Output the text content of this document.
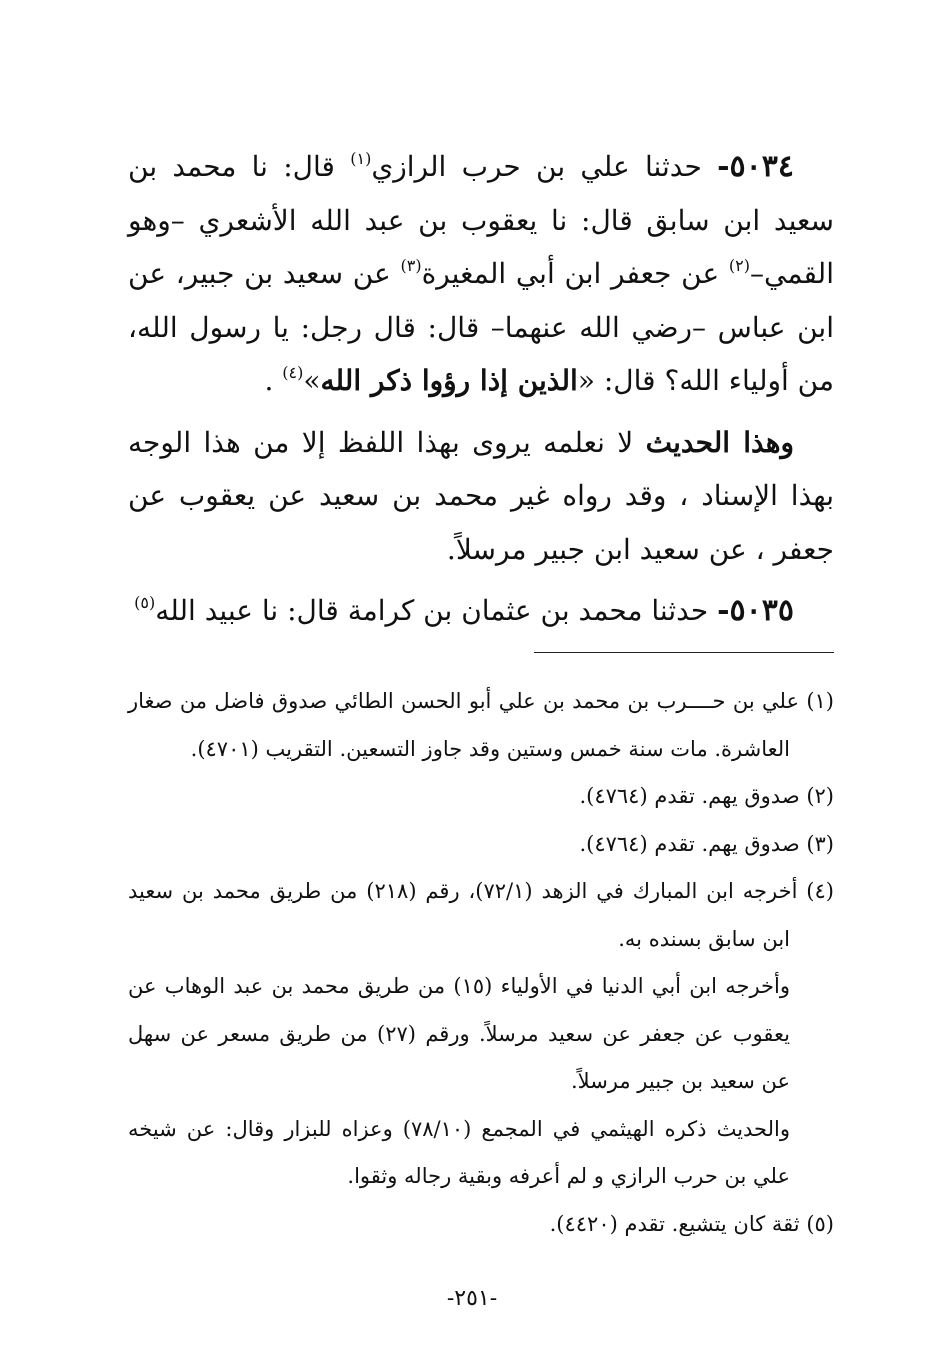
٥٠٣٤- حدثنا علي بن حرب الرازي$^{(١)}$ قال: نا محمد بن سعيد ابن سابق قال: نا يعقوب بن عبد الله الأشعري –وهو القمي–$^{(٢)}$ عن جعفر ابن أبي المغيرة$^{(٣)}$ عن سعيد بن جبير، عن ابن عباس –رضي الله عنهما– قال: قال رجل: يا رسول الله، من أولياء الله؟ قال: «الذين إذا رؤوا ذكر الله»$^{(٤)}$ .

وهذا الحديث لا نعلمه يروى بهذا اللفظ إلا من هذا الوجه بهذا الإسناد ، وقد رواه غير محمد بن سعيد عن يعقوب عن جعفر ، عن سعيد ابن جبير مرسلاً.

٥٠٣٥- حدثنا محمد بن عثمان بن كرامة قال: نا عبيد الله$^{(٥)}$

(١) علي بن حــــرب بن محمد بن علي أبو الحسن الطائي صدوق فاضل من صغار العاشرة. مات سنة خمس وستين وقد جاوز التسعين. التقريب (٤٧٠١).

(٢) صدوق يهم. تقدم (٤٧٦٤).

(٣) صدوق يهم. تقدم (٤٧٦٤).

(٤) أخرجه ابن المبارك في الزهد (٧٢/١)، رقم (٢١٨) من طريق محمد بن سعيد ابن سابق بسنده به.

وأخرجه ابن أبي الدنيا في الأولياء (١٥) من طريق محمد بن عبد الوهاب عن يعقوب عن جعفر عن سعيد مرسلاً. ورقم (٢٧) من طريق مسعر عن سهل عن سعيد بن جبير مرسلاً.

والحديث ذكره الهيثمي في المجمع (٧٨/١٠) وعزاه للبزار وقال: عن شيخه علي بن حرب الرازي و لم أعرفه وبقية رجاله وثقوا.

(٥) ثقة كان يتشيع. تقدم (٤٤٢٠).

-٢٥١-
